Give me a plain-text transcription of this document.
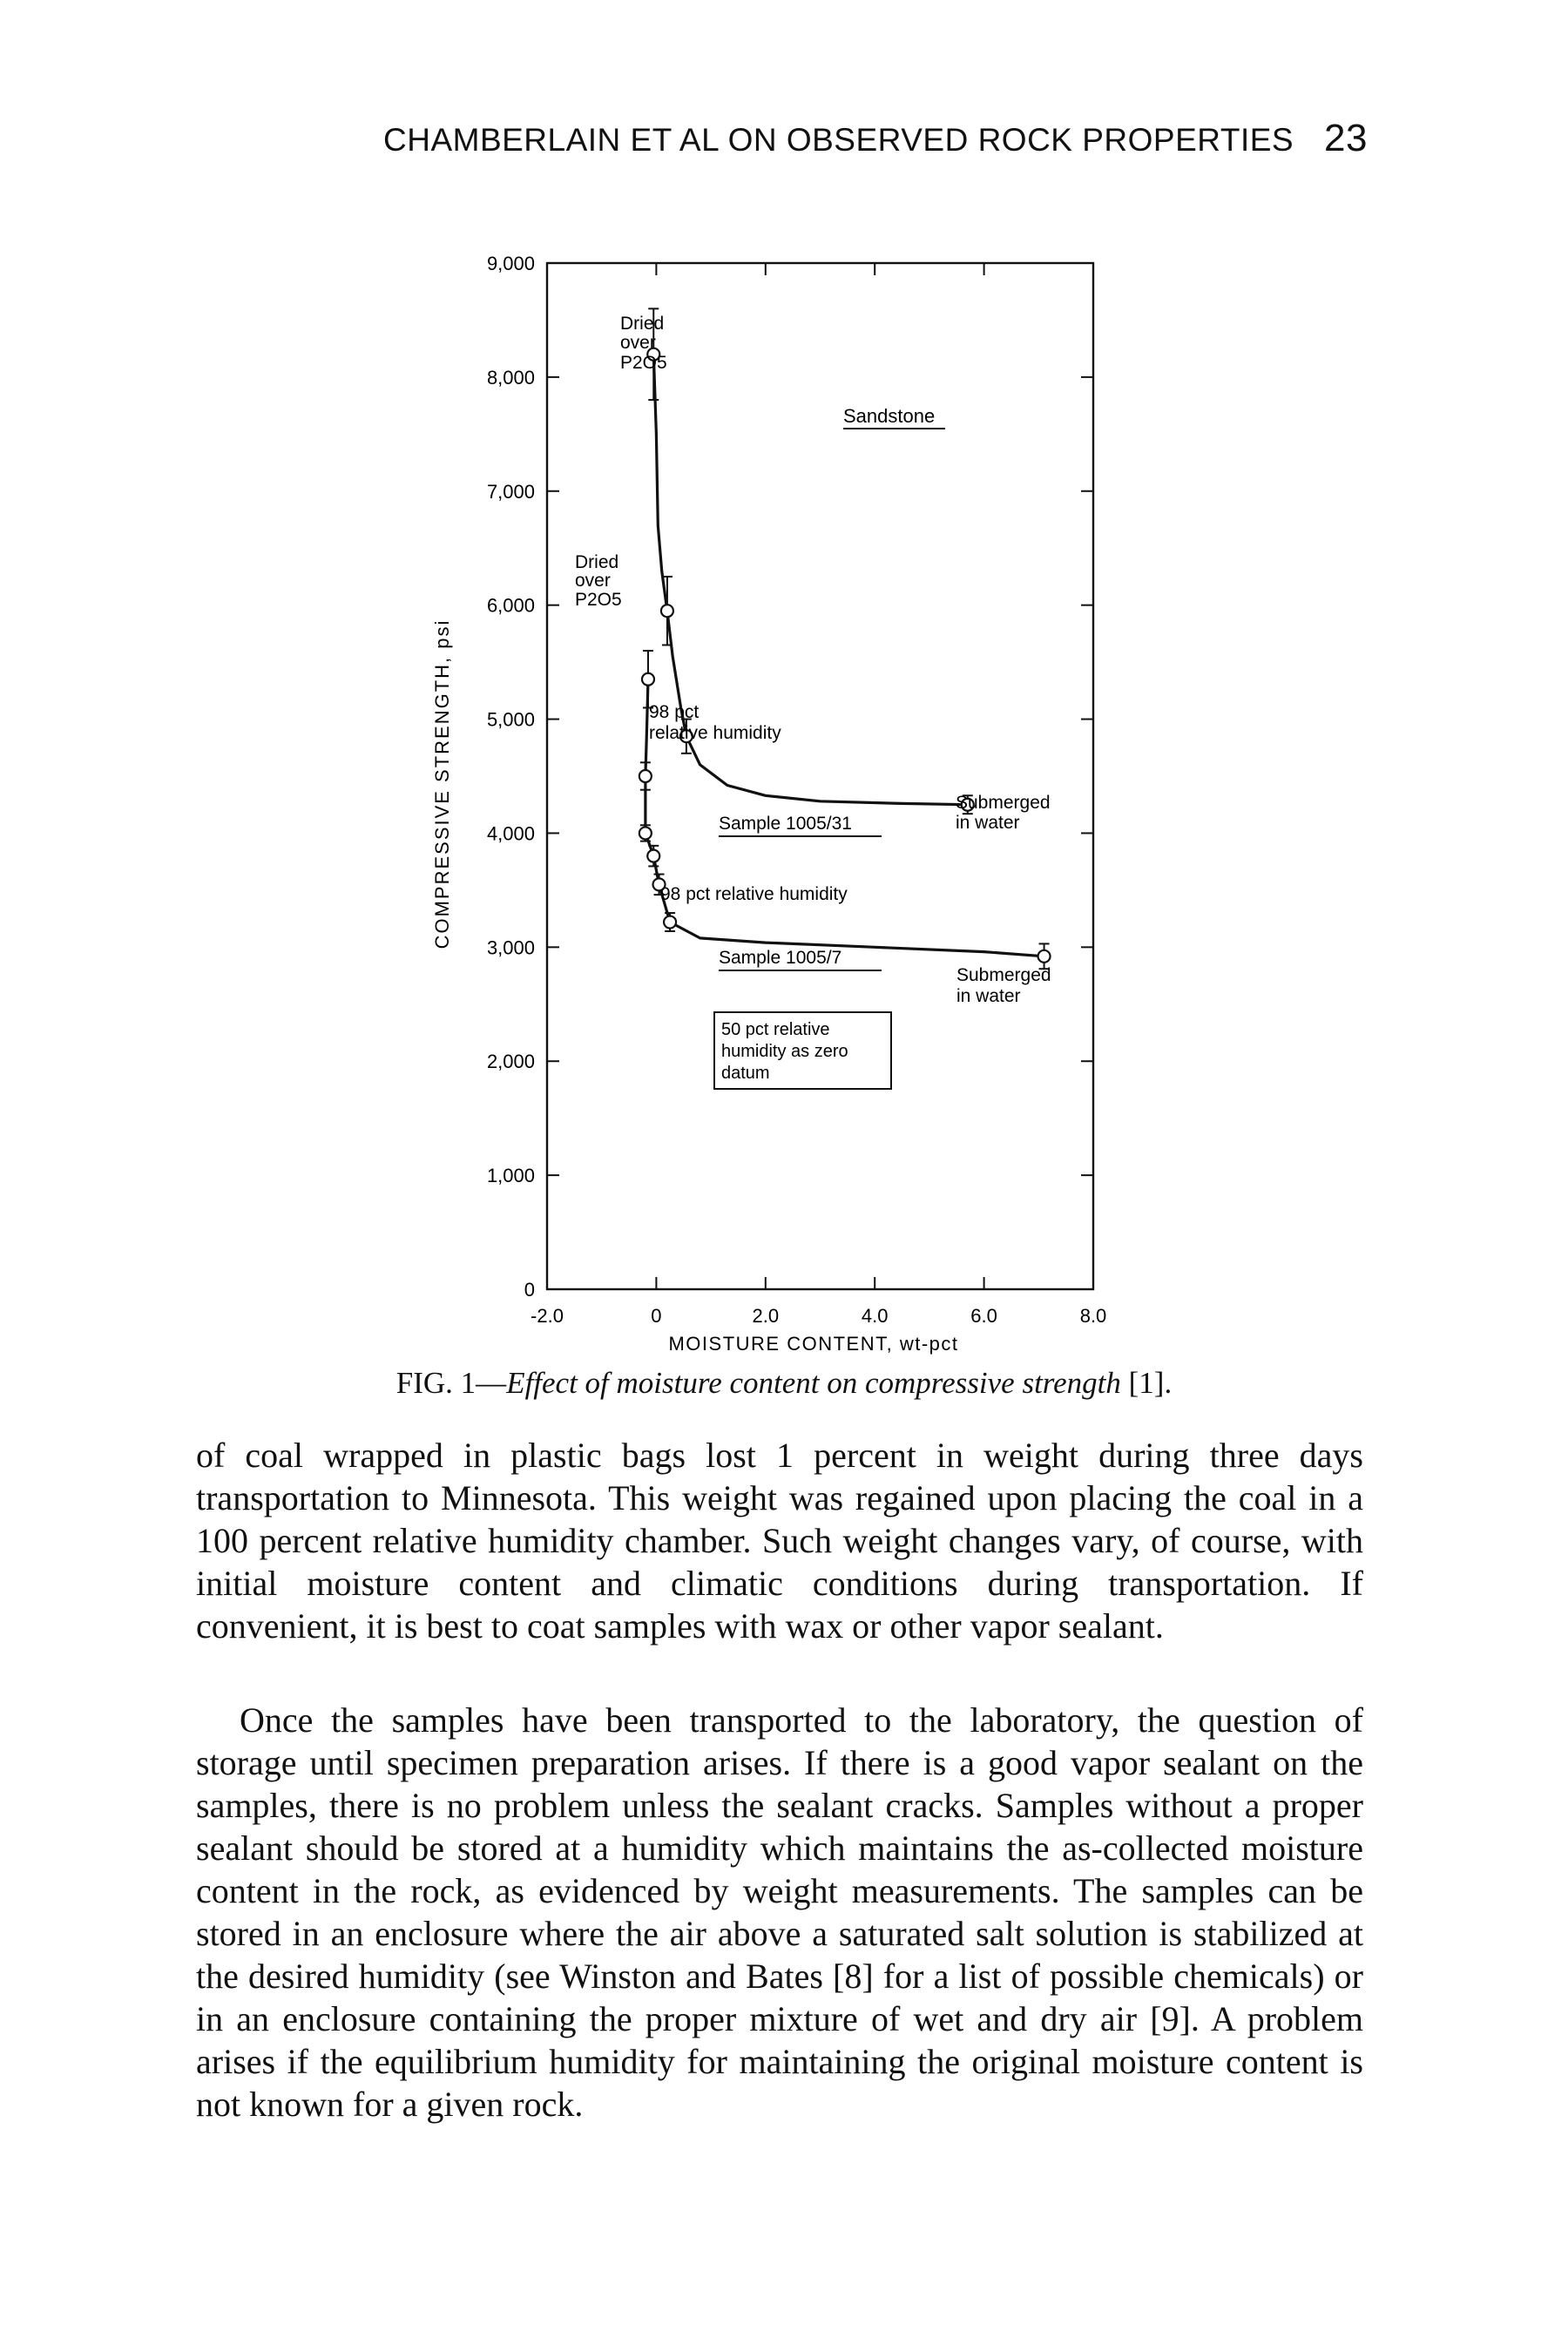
CHAMBERLAIN ET AL ON OBSERVED ROCK PROPERTIES 23
0
1,000
2,000
3,000
4,000
5,000
6,000
7,000
8,000
9,000
-2.0	0	2.0	4.0	6.0	8.0
MOISTURE CONTENT, wt-pct
COMPRESSIVE STRENGTH, psi
Dried
over
P2O5
Sandstone
Dried
over
P2O5
98 pct
relative humidity
Sample 1005/31
Submerged
in water
98 pct relative humidity
Sample 1005/7
Submerged
in water
50 pct relative
humidity as zero
datum
FIG. 1—Effect of moisture content on compressive strength [1].

of coal wrapped in plastic bags lost 1 percent in weight during three days transportation to Minnesota. This weight was regained upon placing the coal in a 100 percent relative humidity chamber. Such weight changes vary, of course, with initial moisture content and climatic conditions during transportation. If convenient, it is best to coat samples with wax or other vapor sealant.

Once the samples have been transported to the laboratory, the question of storage until specimen preparation arises. If there is a good vapor sealant on the samples, there is no problem unless the sealant cracks. Samples without a proper sealant should be stored at a humidity which maintains the as-collected moisture content in the rock, as evidenced by weight measurements. The samples can be stored in an enclosure where the air above a saturated salt solution is stabilized at the desired humidity (see Winston and Bates [8] for a list of possible chemicals) or in an enclosure containing the proper mixture of wet and dry air [9]. A problem arises if the equilibrium humidity for maintaining the original moisture content is not known for a given rock.
